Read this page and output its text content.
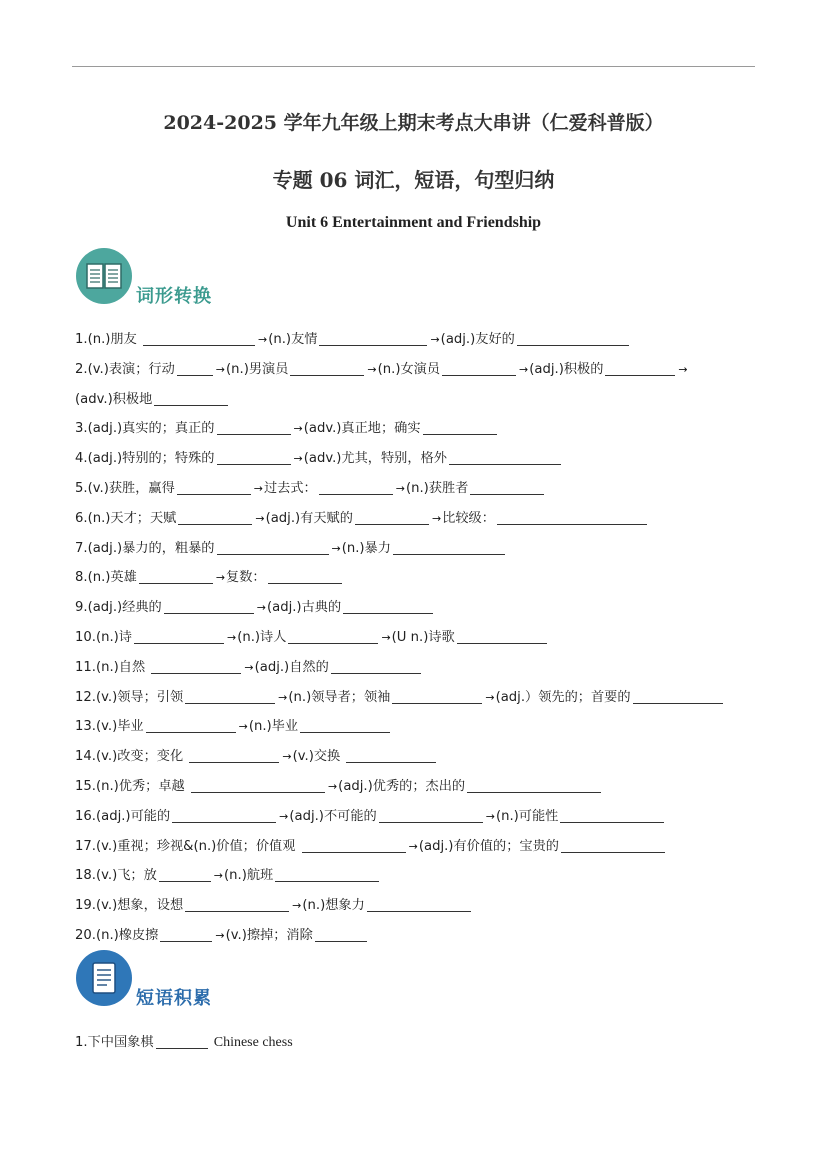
2024-2025 学年九年级上期末考点大串讲（仁爱科普版）
专题 06 词汇，短语，句型归纳
Unit 6 Entertainment and Friendship
词形转换
1.(n.)朋友	→(n.)友情	→(adj.)友好的
2.(v.)表演；行动	→(n.)男演员	→(n.)女演员	→(adj.)积极的	→
(adv.)积极地
3.(adj.)真实的；真正的	→(adv.)真正地；确实
4.(adj.)特别的；特殊的	→(adv.)尤其，特别，格外
5.(v.)获胜，赢得	→过去式：	→(n.)获胜者
6.(n.)天才；天赋	→(adj.)有天赋的	→比较级：
7.(adj.)暴力的，粗暴的	→(n.)暴力
8.(n.)英雄	→复数：
9.(adj.)经典的	→(adj.)古典的
10.(n.)诗	→(n.)诗人	→(U n.)诗歌
11.(n.)自然	→(adj.)自然的
12.(v.)领导；引领	→(n.)领导者；领袖	→(adj.）领先的；首要的
13.(v.)毕业	→(n.)毕业
14.(v.)改变；变化	→(v.)交换
15.(n.)优秀；卓越	→(adj.)优秀的；杰出的
16.(adj.)可能的	→(adj.)不可能的	→(n.)可能性
17.(v.)重视；珍视&(n.)价值；价值观	→(adj.)有价值的；宝贵的
18.(v.)飞；放	→(n.)航班
19.(v.)想象，设想	→(n.)想象力
20.(n.)橡皮擦	→(v.)擦掉；消除
短语积累
1.下中国象棋	Chinese chess
